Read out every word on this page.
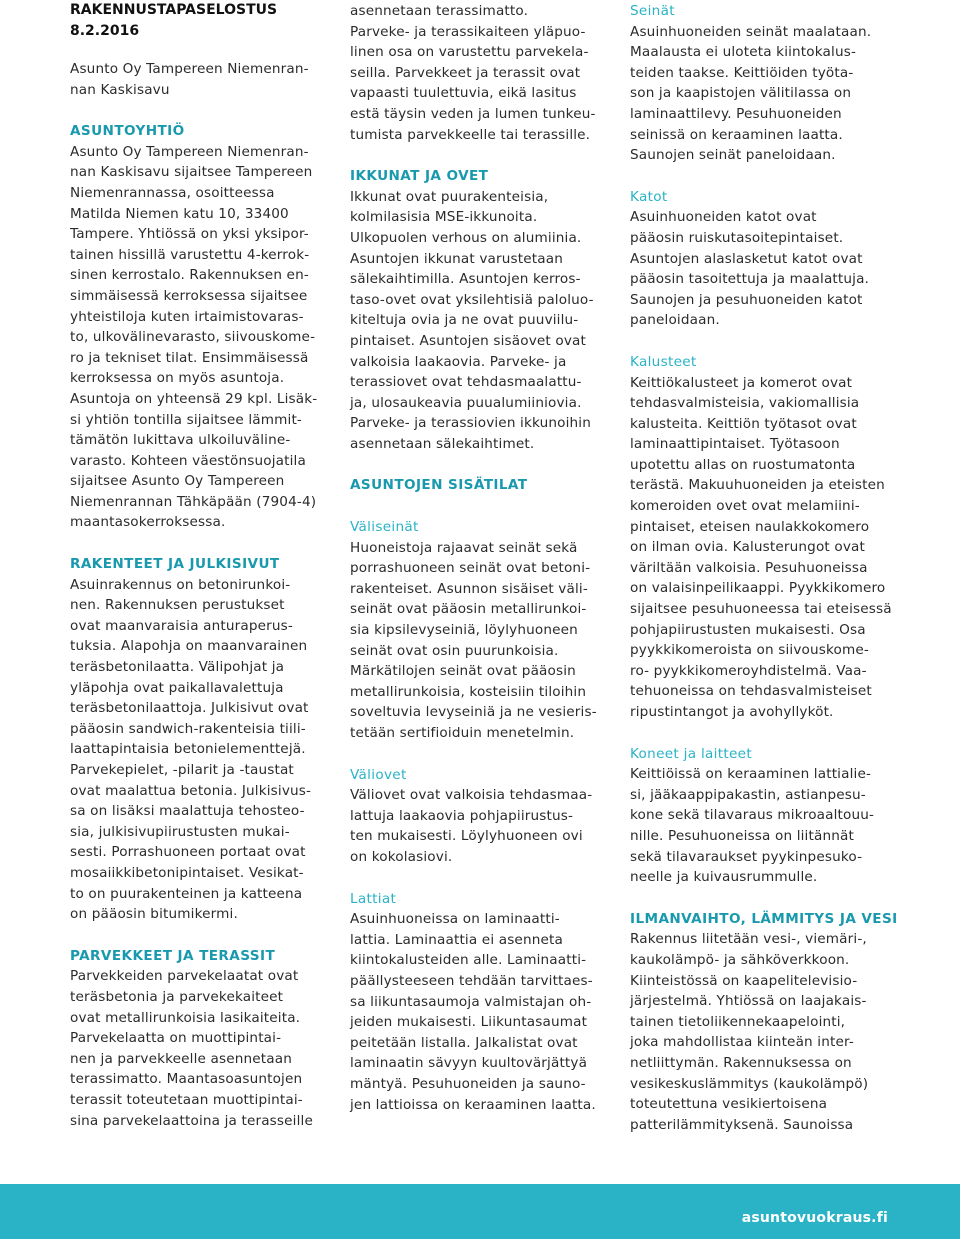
RAKENNUSTAPASELOSTUS
8.2.2016
Asunto Oy Tampereen Niemenran-
nan Kaskisavu
ASUNTOYHTIÖ
Asunto Oy Tampereen Niemenran-
nan Kaskisavu sijaitsee Tampereen
Niemenrannassa, osoitteessa
Matilda Niemen katu 10, 33400
Tampere. Yhtiössä on yksi yksipor-
tainen hissillä varustettu 4-kerrok-
sinen kerrostalo. Rakennuksen en-
simmäisessä kerroksessa sijaitsee
yhteistiloja kuten irtaimistovaras-
to, ulkovälinevarasto, siivouskome-
ro ja tekniset tilat. Ensimmäisessä
kerroksessa on myös asuntoja.
Asuntoja on yhteensä 29 kpl. Lisäk-
si yhtiön tontilla sijaitsee lämmit-
tämätön lukittava ulkoiluväline-
varasto. Kohteen väestönsuojatila
sijaitsee Asunto Oy Tampereen
Niemenrannan Tähkäpään (7904-4)
maantasokerroksessa.
RAKENTEET JA JULKISIVUT
Asuinrakennus on betonirunkoi-
nen. Rakennuksen perustukset
ovat maanvaraisia anturaperus-
tuksia. Alapohja on maanvarainen
teräsbetonilaatta. Välipohjat ja
yläpohja ovat paikallavalettuja
teräsbetonilaattoja. Julkisivut ovat
pääosin sandwich-rakenteisia tiili-
laattapintaisia betonielementtejä.
Parvekepielet, -pilarit ja -taustat
ovat maalattua betonia. Julkisivus-
sa on lisäksi maalattuja tehosteo-
sia, julkisivupiirustusten mukai-
sesti. Porrashuoneen portaat ovat
mosaiikkibetonipintaiset. Vesikat-
to on puurakenteinen ja katteena
on pääosin bitumikermi.
PARVEKKEET JA TERASSIT
Parvekkeiden parvekelaatat ovat
teräsbetonia ja parvekekaiteet
ovat metallirunkoisia lasikaiteita.
Parvekelaatta on muottipintai-
nen ja parvekkeelle asennetaan
terassimatto. Maantasoasuntojen
terassit toteutetaan muottipintai-
sina parvekelaattoina ja terasseille
asennetaan terassimatto.
Parveke- ja terassikaiteen yläpuo-
linen osa on varustettu parvekela-
seilla. Parvekkeet ja terassit ovat
vapaasti tuulettuvia, eikä lasitus
estä täysin veden ja lumen tunkeu-
tumista parvekkeelle tai terassille.
IKKUNAT JA OVET
Ikkunat ovat puurakenteisia,
kolmilasisia MSE-ikkunoita.
Ulkopuolen verhous on alumiinia.
Asuntojen ikkunat varustetaan
sälekaihtimilla. Asuntojen kerros-
taso-ovet ovat yksilehtisiä paloluo-
kiteltuja ovia ja ne ovat puuviilu-
pintaiset. Asuntojen sisäovet ovat
valkoisia laakaovia. Parveke- ja
terassiovet ovat tehdasmaalattu-
ja, ulosaukeavia puualumiiniovia.
Parveke- ja terassiovien ikkunoihin
asennetaan sälekaihtimet.
ASUNTOJEN SISÄTILAT
Väliseinät
Huoneistoja rajaavat seinät sekä
porrashuoneen seinät ovat betoni-
rakenteiset. Asunnon sisäiset väli-
seinät ovat pääosin metallirunkoi-
sia kipsilevyseiniä, löylyhuoneen
seinät ovat osin puurunkoisia.
Märkätilojen seinät ovat pääosin
metallirunkoisia, kosteisiin tiloihin
soveltuvia levyseiniä ja ne vesieris-
tetään sertifioiduin menetelmin.
Väliovet
Väliovet ovat valkoisia tehdasmaa-
lattuja laakaovia pohjapiirustus-
ten mukaisesti. Löylyhuoneen ovi
on kokolasiovi.
Lattiat
Asuinhuoneissa on laminaatti-
lattia. Laminaattia ei asenneta
kiintokalusteiden alle. Laminaatti-
päällysteeseen tehdään tarvittaes-
sa liikuntasaumoja valmistajan oh-
jeiden mukaisesti. Liikuntasaumat
peitetään listalla. Jalkalistat ovat
laminaatin sävyyn kuultovärjättyä
mäntyä. Pesuhuoneiden ja sauno-
jen lattioissa on keraaminen laatta.
Seinät
Asuinhuoneiden seinät maalataan.
Maalausta ei uloteta kiintokalus-
teiden taakse. Keittiöiden työta-
son ja kaapistojen välitilassa on
laminaattilevy. Pesuhuoneiden
seinissä on keraaminen laatta.
Saunojen seinät paneloidaan.
Katot
Asuinhuoneiden katot ovat
pääosin ruiskutasoitepintaiset.
Asuntojen alaslasketut katot ovat
pääosin tasoitettuja ja maalattuja.
Saunojen ja pesuhuoneiden katot
paneloidaan.
Kalusteet
Keittiökalusteet ja komerot ovat
tehdasvalmisteisia, vakiomallisia
kalusteita. Keittiön työtasot ovat
laminaattipintaiset. Työtasoon
upotettu allas on ruostumatonta
terästä. Makuuhuoneiden ja eteisten
komeroiden ovet ovat melamiini-
pintaiset, eteisen naulakkokomero
on ilman ovia. Kalusterungot ovat
väriltään valkoisia. Pesuhuoneissa
on valaisinpeilikaappi. Pyykkikomero
sijaitsee pesuhuoneessa tai eteisessä
pohjapiirustusten mukaisesti. Osa
pyykkikomeroista on siivouskome-
ro- pyykkikomeroyhdistelmä. Vaa-
tehuoneissa on tehdasvalmisteiset
ripustintangot ja avohyllyköt.
Koneet ja laitteet
Keittiöissä on keraaminen lattialie-
si, jääkaappipakastin, astianpesu-
kone sekä tilavaraus mikroaaltouu-
nille. Pesuhuoneissa on liitännät
sekä tilavaraukset pyykinpesuko-
neelle ja kuivausrummulle.
ILMANVAIHTO, LÄMMITYS JA VESI
Rakennus liitetään vesi-, viemäri-,
kaukolämpö- ja sähköverkkoon.
Kiinteistössä on kaapelitelevisio-
järjestelmä. Yhtiössä on laajakais-
tainen tietoliikennekaapelointi,
joka mahdollistaa kiinteän inter-
netliittymän. Rakennuksessa on
vesikeskuslämmitys (kaukolämpö)
toteutettuna vesikiertoisena
patterilämmityksenä. Saunoissa
asuntovuokraus.fi
